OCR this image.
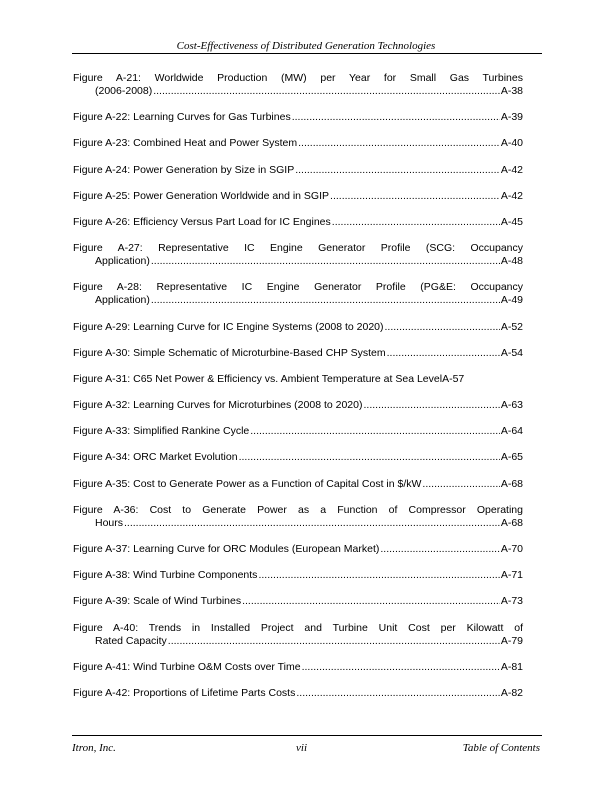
Cost-Effectiveness of Distributed Generation Technologies
Figure A-21: Worldwide Production (MW) per Year for Small Gas Turbines
(2006-2008) .....	A-38
Figure A-22: Learning Curves for Gas Turbines .....	A-39
Figure A-23: Combined Heat and Power System .....	A-40
Figure A-24: Power Generation by Size in SGIP .....	A-42
Figure A-25: Power Generation Worldwide and in SGIP .....	A-42
Figure A-26: Efficiency Versus Part Load for IC Engines .....	A-45
Figure A-27: Representative IC Engine Generator Profile (SCG: Occupancy
Application) .....	A-48
Figure A-28: Representative IC Engine Generator Profile (PG&E: Occupancy
Application) .....	A-49
Figure A-29: Learning Curve for IC Engine Systems (2008 to 2020) .....	A-52
Figure A-30: Simple Schematic of Microturbine-Based CHP System .....	A-54
Figure A-31: C65 Net Power & Efficiency vs. Ambient Temperature at Sea Level A-57
Figure A-32: Learning Curves for Microturbines (2008 to 2020) .....	A-63
Figure A-33: Simplified Rankine Cycle .....	A-64
Figure A-34: ORC Market Evolution .....	A-65
Figure A-35: Cost to Generate Power as a Function of Capital Cost in $/kW .....	A-68
Figure A-36: Cost to Generate Power as a Function of Compressor Operating
Hours .....	A-68
Figure A-37: Learning Curve for ORC Modules (European Market) .....	A-70
Figure A-38: Wind Turbine Components .....	A-71
Figure A-39: Scale of Wind Turbines .....	A-73
Figure A-40: Trends in Installed Project and Turbine Unit Cost per Kilowatt of
Rated Capacity .....	A-79
Figure A-41: Wind Turbine O&M Costs over Time .....	A-81
Figure A-42: Proportions of Lifetime Parts Costs .....	A-82
Itron, Inc.	vii	Table of Contents
